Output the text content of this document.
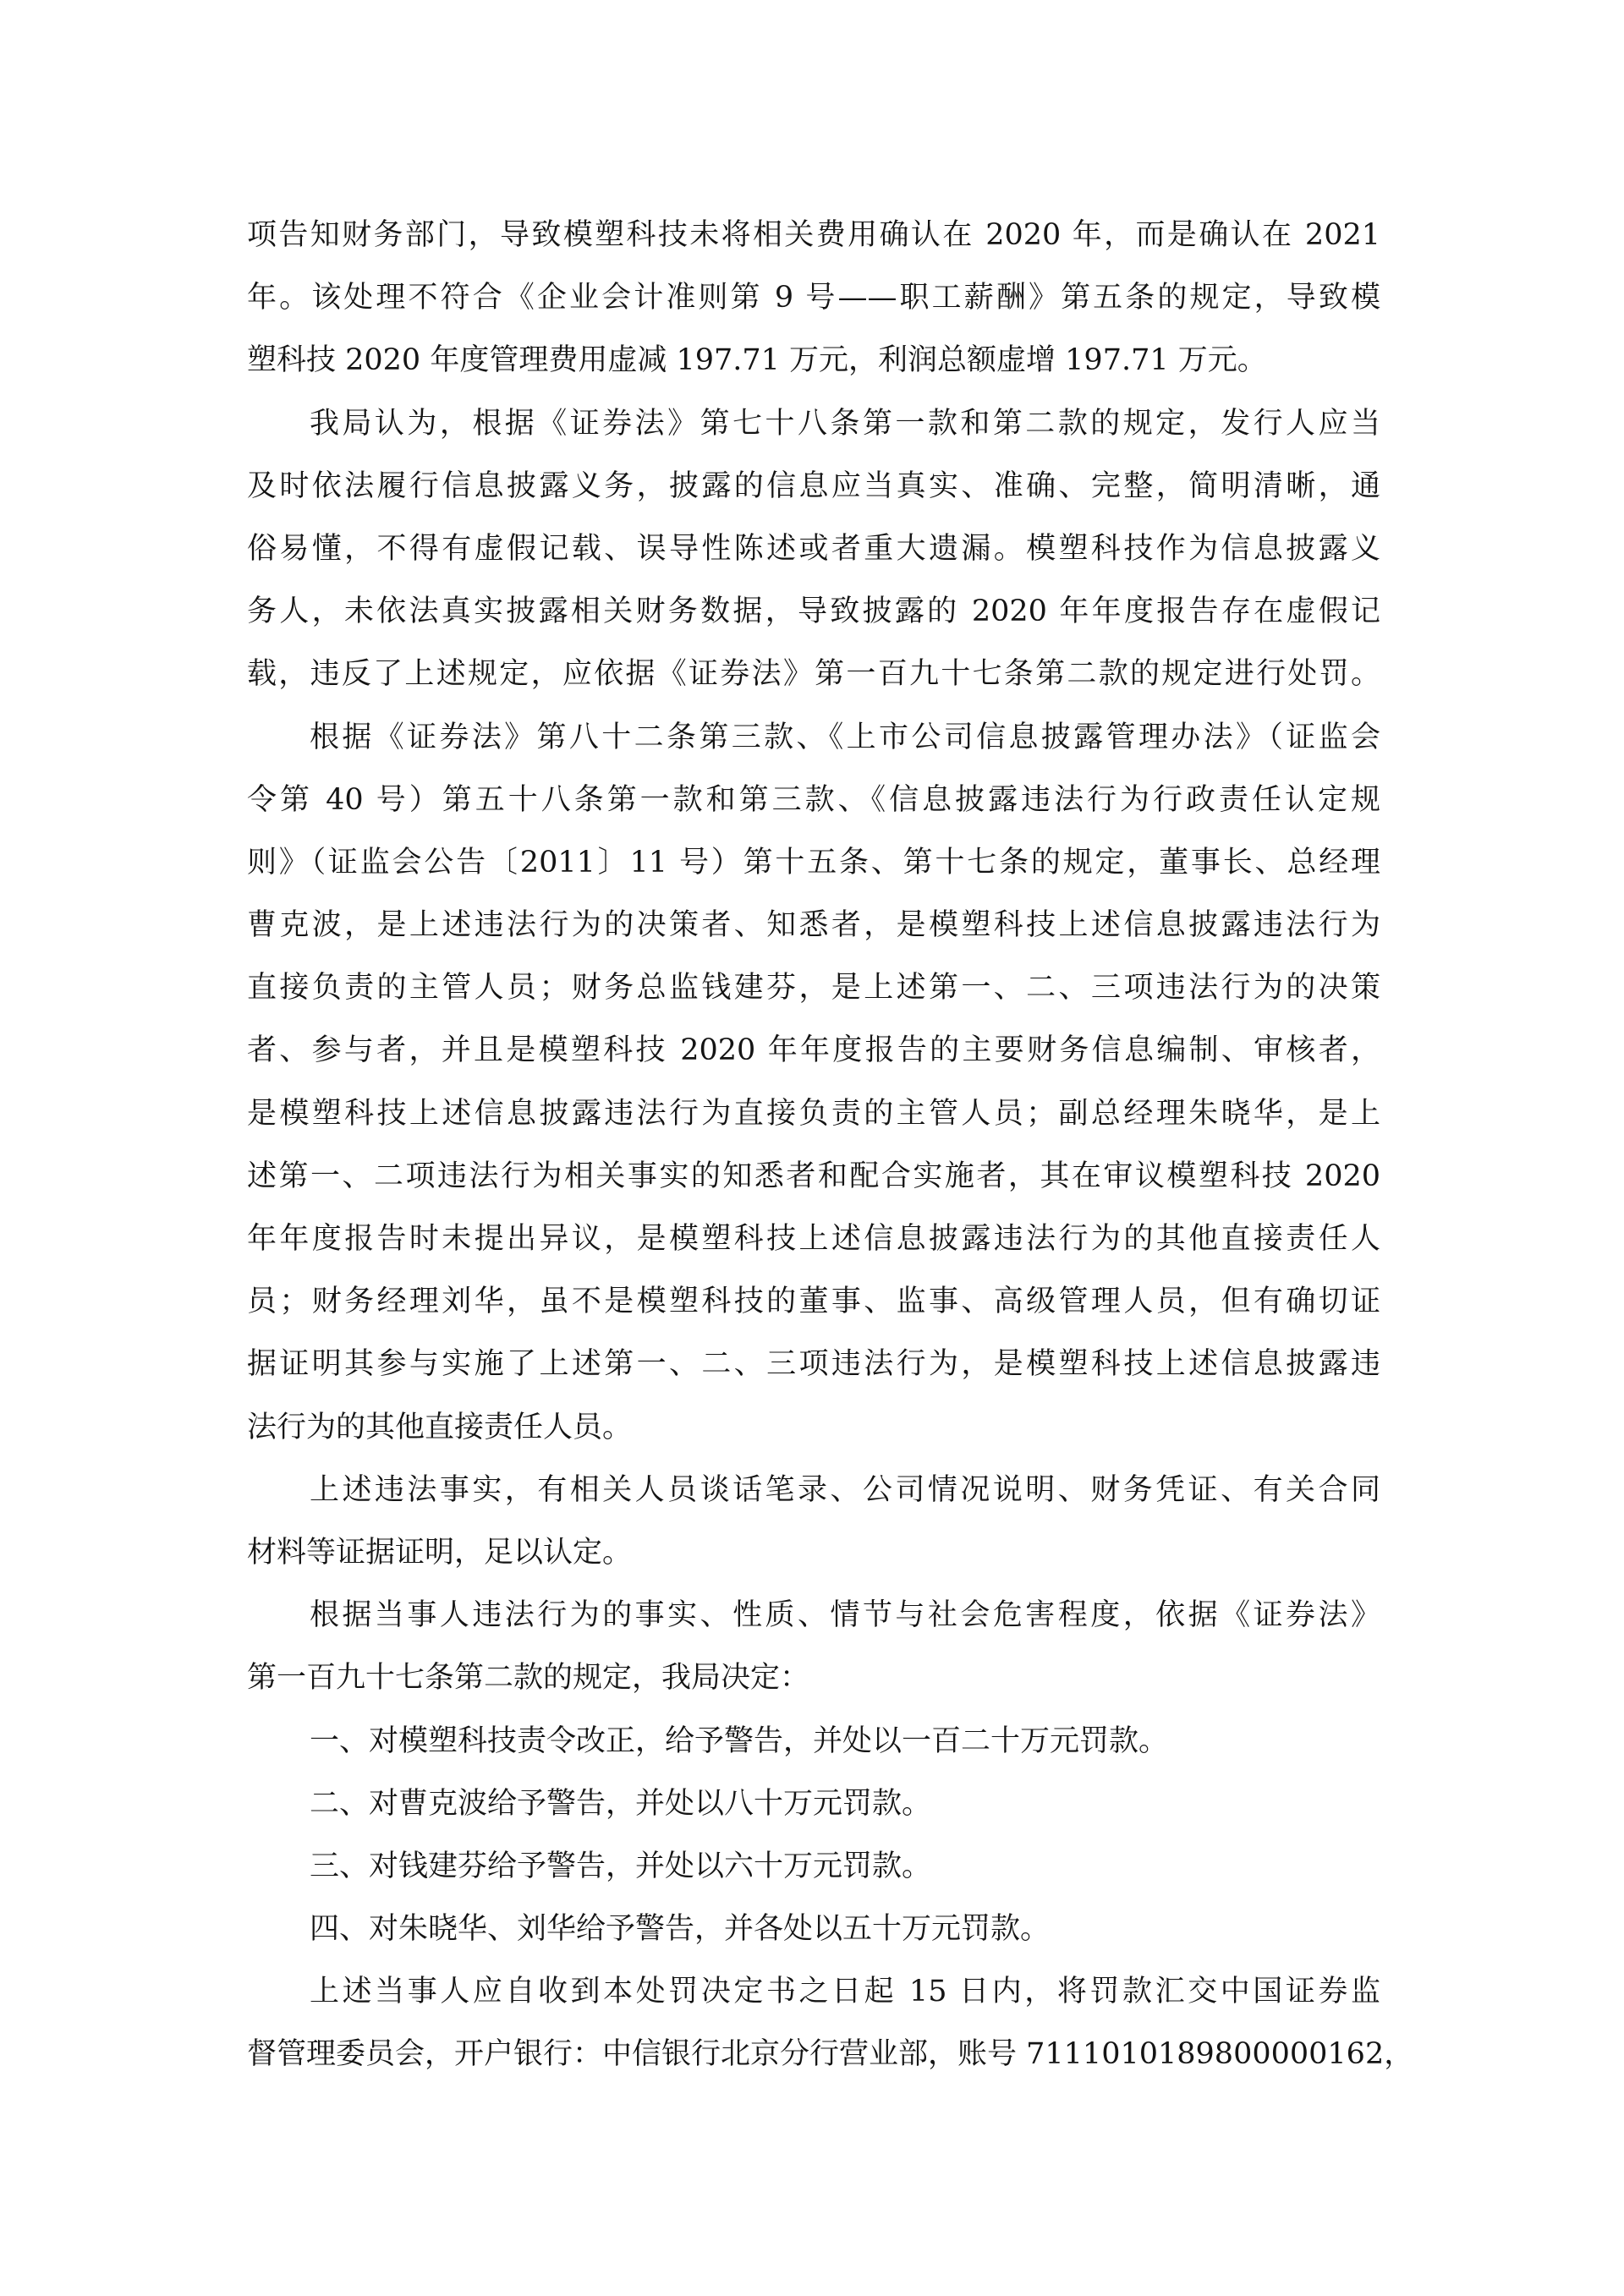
项告知财务部门，导致模塑科技未将相关费用确认在 2020 年，而是确认在 2021
年。该处理不符合《企业会计准则第 9 号——职工薪酬》第五条的规定，导致模
塑科技 2020 年度管理费用虚减 197.71 万元，利润总额虚增 197.71 万元。
我局认为，根据《证券法》第七十八条第一款和第二款的规定，发行人应当
及时依法履行信息披露义务，披露的信息应当真实、准确、完整，简明清晰，通
俗易懂，不得有虚假记载、误导性陈述或者重大遗漏。模塑科技作为信息披露义
务人，未依法真实披露相关财务数据，导致披露的 2020 年年度报告存在虚假记
载，违反了上述规定，应依据《证券法》第一百九十七条第二款的规定进行处罚。
根据《证券法》第八十二条第三款、《上市公司信息披露管理办法》（证监会
令第 40 号）第五十八条第一款和第三款、《信息披露违法行为行政责任认定规
则》（证监会公告〔2011〕11 号）第十五条、第十七条的规定，董事长、总经理
曹克波，是上述违法行为的决策者、知悉者，是模塑科技上述信息披露违法行为
直接负责的主管人员；财务总监钱建芬，是上述第一、二、三项违法行为的决策
者、参与者，并且是模塑科技 2020 年年度报告的主要财务信息编制、审核者，
是模塑科技上述信息披露违法行为直接负责的主管人员；副总经理朱晓华，是上
述第一、二项违法行为相关事实的知悉者和配合实施者，其在审议模塑科技 2020
年年度报告时未提出异议，是模塑科技上述信息披露违法行为的其他直接责任人
员；财务经理刘华，虽不是模塑科技的董事、监事、高级管理人员，但有确切证
据证明其参与实施了上述第一、二、三项违法行为，是模塑科技上述信息披露违
法行为的其他直接责任人员。
上述违法事实，有相关人员谈话笔录、公司情况说明、财务凭证、有关合同
材料等证据证明，足以认定。
根据当事人违法行为的事实、性质、情节与社会危害程度，依据《证券法》
第一百九十七条第二款的规定，我局决定：
一、对模塑科技责令改正，给予警告，并处以一百二十万元罚款。
二、对曹克波给予警告，并处以八十万元罚款。
三、对钱建芬给予警告，并处以六十万元罚款。
四、对朱晓华、刘华给予警告，并各处以五十万元罚款。
上述当事人应自收到本处罚决定书之日起 15 日内，将罚款汇交中国证券监
督管理委员会，开户银行：中信银行北京分行营业部，账号 7111010189800000162，
